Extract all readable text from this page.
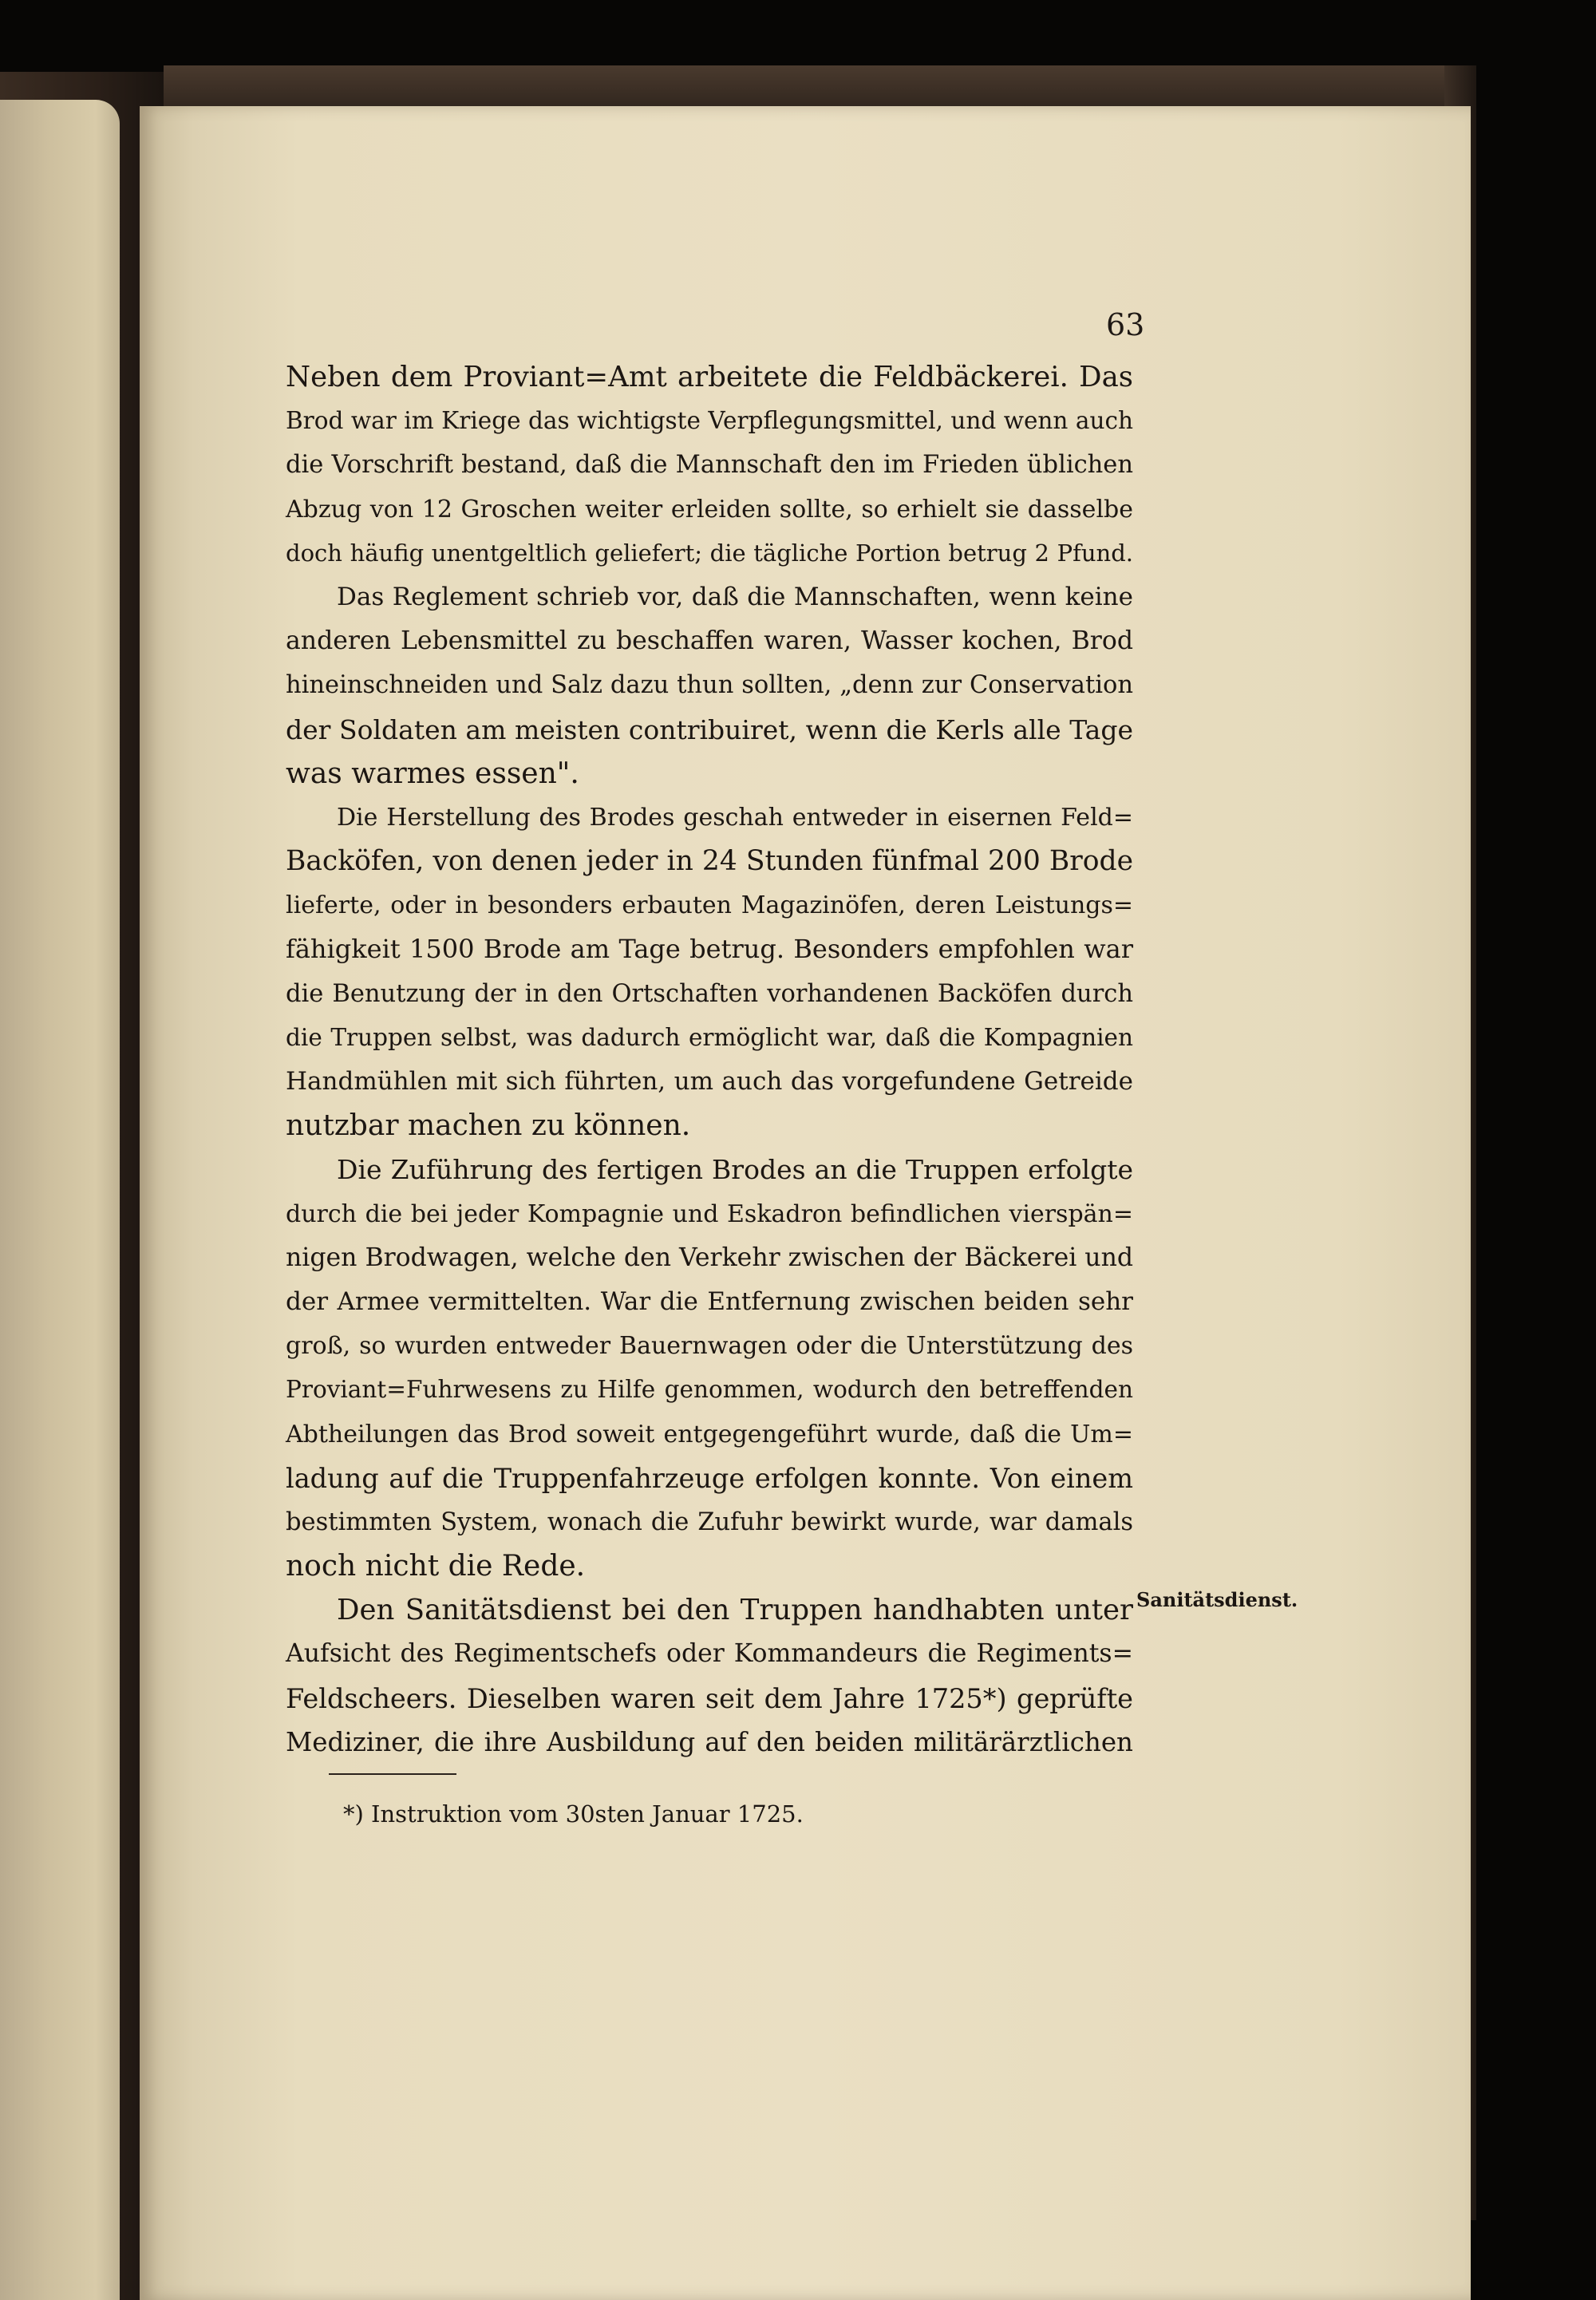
63
Neben dem Proviant=Amt arbeitete die Feldbäckerei. Das
Brod war im Kriege das wichtigste Verpflegungsmittel, und wenn auch
die Vorschrift bestand, daß die Mannschaft den im Frieden üblichen
Abzug von 12 Groschen weiter erleiden sollte, so erhielt sie dasselbe
doch häufig unentgeltlich geliefert; die tägliche Portion betrug 2 Pfund.
Das Reglement schrieb vor, daß die Mannschaften, wenn keine
anderen Lebensmittel zu beschaffen waren, Wasser kochen, Brod
hineinschneiden und Salz dazu thun sollten, „denn zur Conservation
der Soldaten am meisten contribuiret, wenn die Kerls alle Tage
was warmes essen".
Die Herstellung des Brodes geschah entweder in eisernen Feld=
Backöfen, von denen jeder in 24 Stunden fünfmal 200 Brode
lieferte, oder in besonders erbauten Magazinöfen, deren Leistungs=
fähigkeit 1500 Brode am Tage betrug. Besonders empfohlen war
die Benutzung der in den Ortschaften vorhandenen Backöfen durch
die Truppen selbst, was dadurch ermöglicht war, daß die Kompagnien
Handmühlen mit sich führten, um auch das vorgefundene Getreide
nutzbar machen zu können.
Die Zuführung des fertigen Brodes an die Truppen erfolgte
durch die bei jeder Kompagnie und Eskadron befindlichen vierspän=
nigen Brodwagen, welche den Verkehr zwischen der Bäckerei und
der Armee vermittelten. War die Entfernung zwischen beiden sehr
groß, so wurden entweder Bauernwagen oder die Unterstützung des
Proviant=Fuhrwesens zu Hilfe genommen, wodurch den betreffenden
Abtheilungen das Brod soweit entgegengeführt wurde, daß die Um=
ladung auf die Truppenfahrzeuge erfolgen konnte. Von einem
bestimmten System, wonach die Zufuhr bewirkt wurde, war damals
noch nicht die Rede.
Den Sanitätsdienst bei den Truppen handhabten unter
Aufsicht des Regimentschefs oder Kommandeurs die Regiments=
Feldscheers. Dieselben waren seit dem Jahre 1725*) geprüfte
Mediziner, die ihre Ausbildung auf den beiden militärärztlichen
Sanitätsdienst.
*) Instruktion vom 30sten Januar 1725.
